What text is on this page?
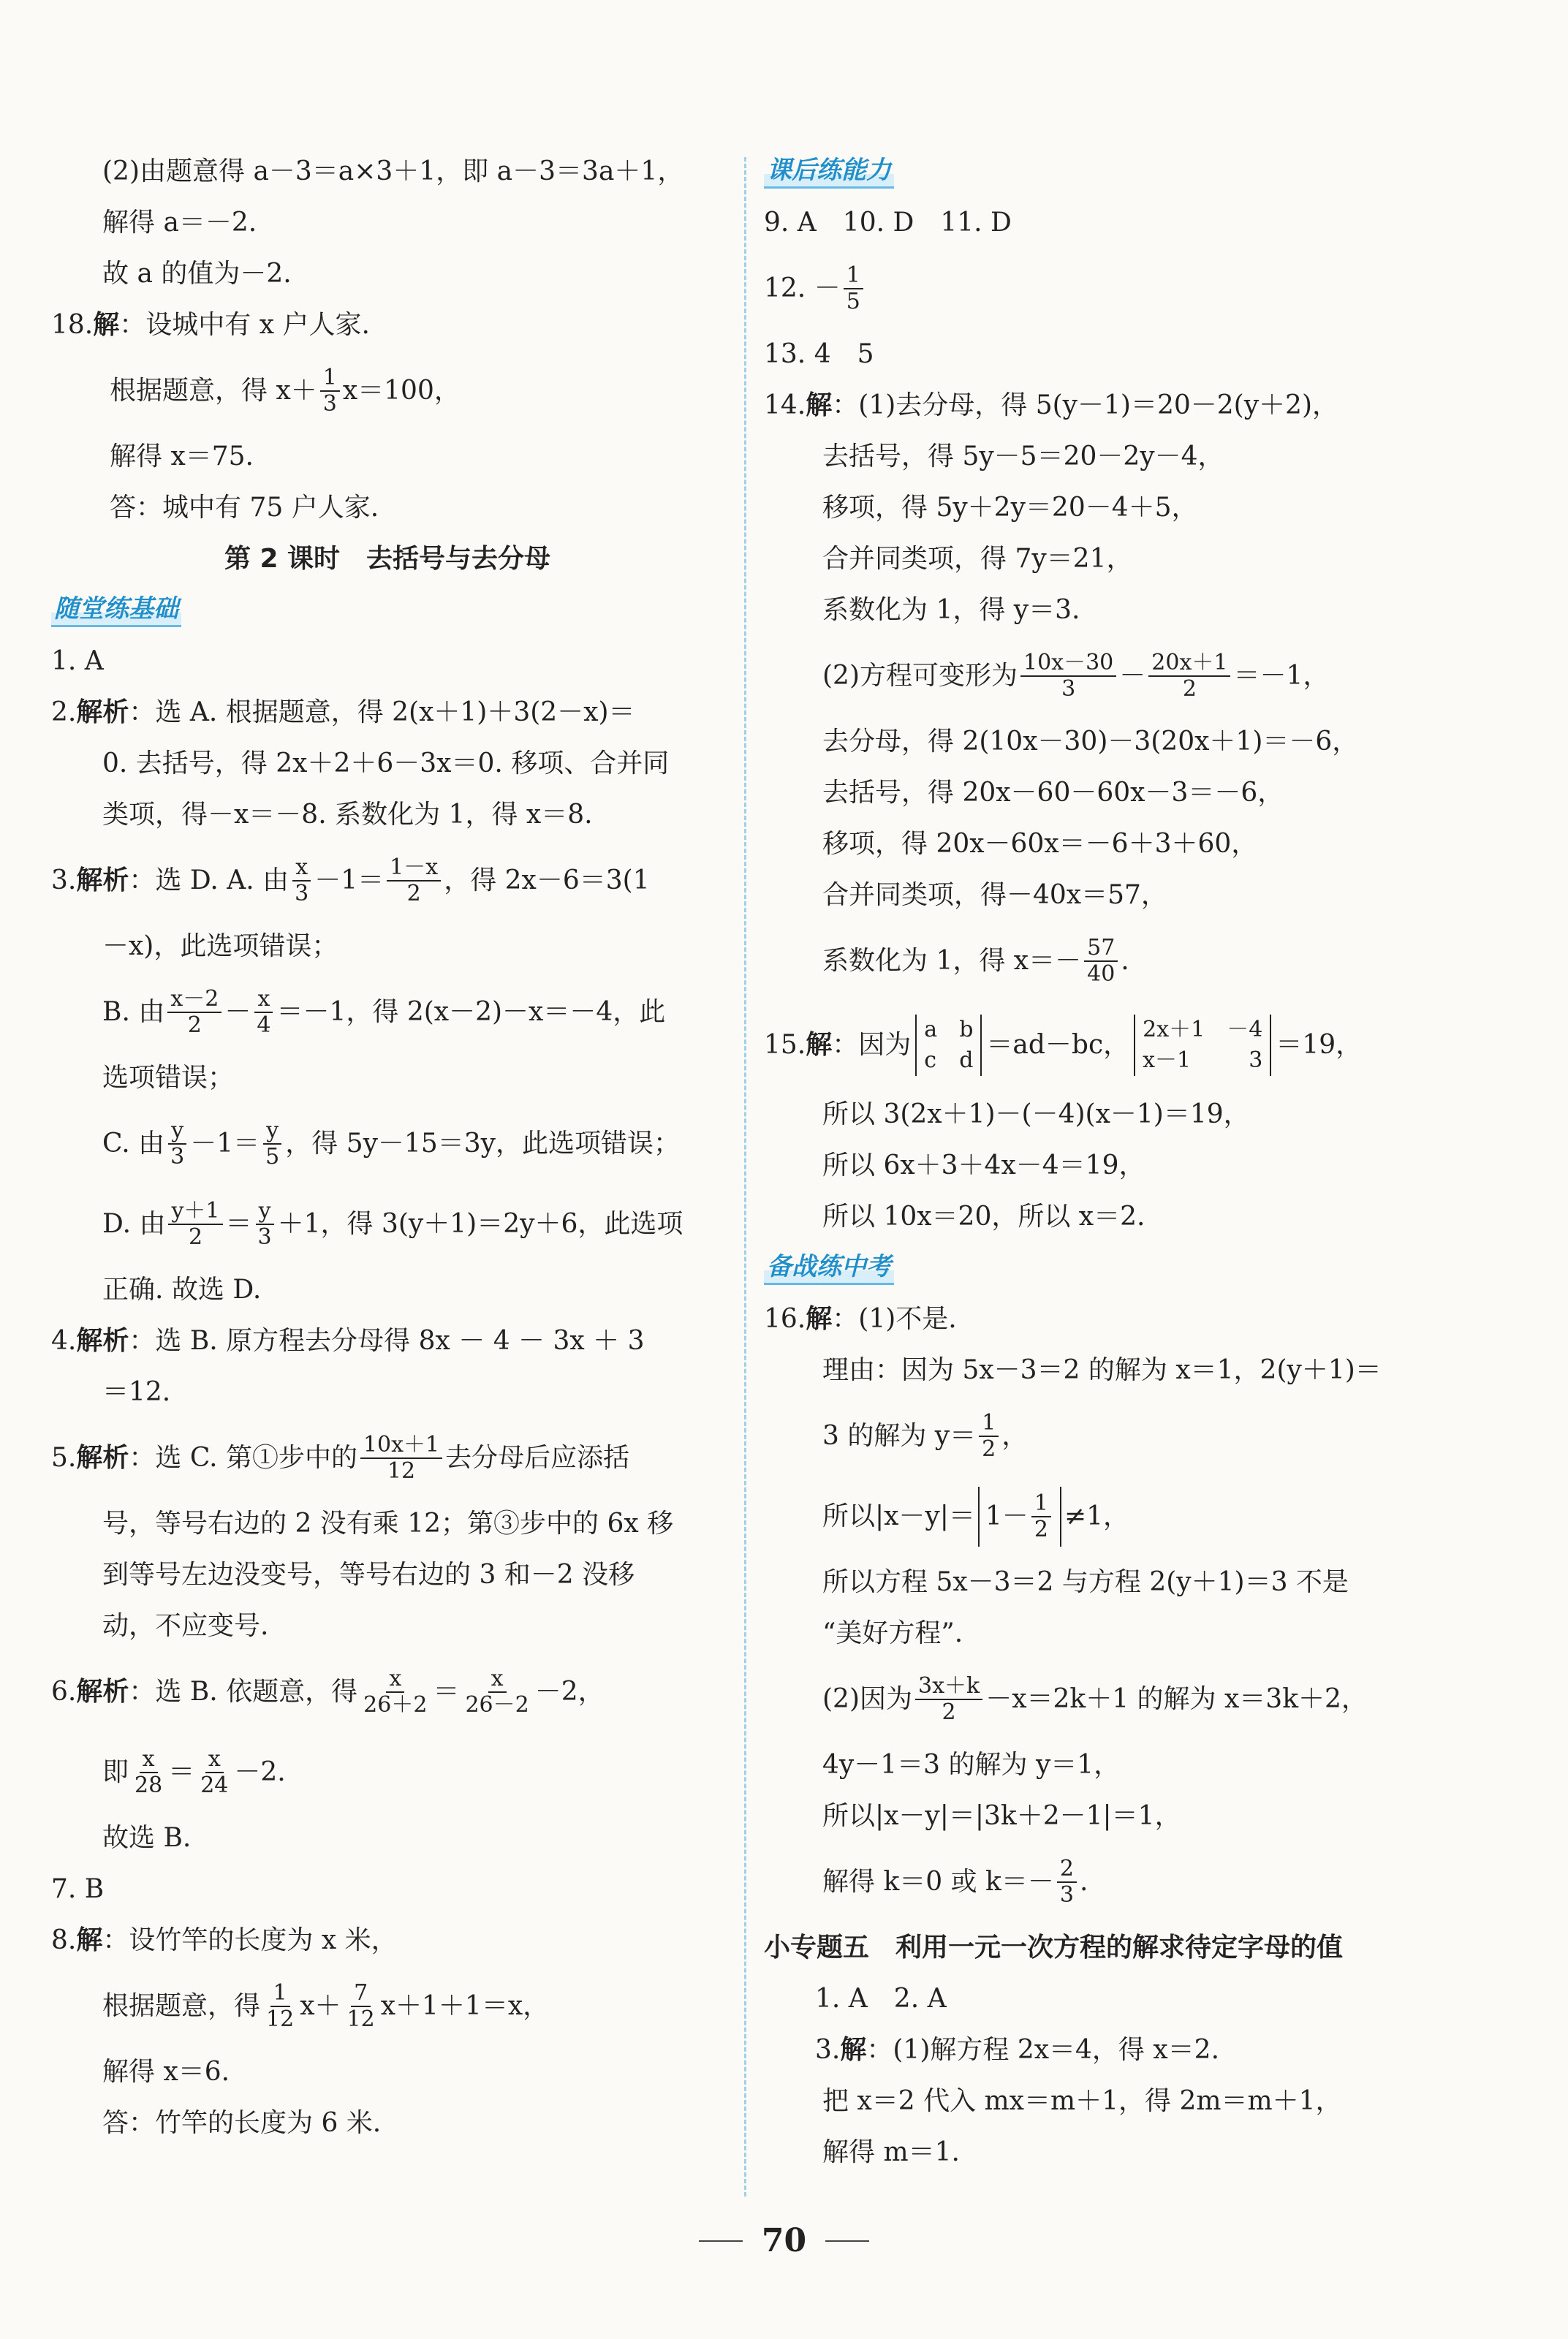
(2)由题意得 a－3＝a×3＋1，即 a－3＝3a＋1，
解得 a＝－2.
故 a 的值为－2.
18. 解 ：设城中有 x 户人家.
根据题意，得 $x+ \frac{1}{3} x=100$，
解得 x＝75.
答：城中有 75 户人家.
第 2 课时　去括号与去分母
随堂练基础
1. A
2. 解析 ：选 A. 根据题意，得 2(x＋1)＋3(2－x)＝
0. 去括号，得 2x＋2＋6－3x＝0. 移项、合并同
类项，得－x＝－8. 系数化为 1，得 x＝8.
3. 解析 ：选 D. A. 由 $\frac{x}{3} -1= \frac{1-x}{2}$ ，得 2x－6＝3(1
－x)，此选项错误；
B. 由 $\frac{x-2}{2} - \frac{x}{4} =-1$，得 2(x－2)－x＝－4，此
选项错误；
C. 由 $\frac{y}{3} -1= \frac{y}{5}$ ，得 5y－15＝3y，此选项错误；
D. 由 $\frac{y+1}{2} = \frac{y}{3} +1$，得 3(y＋1)＝2y＋6，此选项
正确. 故选 D.
4. 解析 ：选 B. 原方程去分母得 8x － 4 － 3x ＋ 3
＝12.
5. 解析 ：选 C. 第①步中的 $\frac{10x+1}{12}$ 去分母后应添括
号，等号右边的 2 没有乘 12；第③步中的 6x 移
到等号左边没变号，等号右边的 3 和－2 没移
动，不应变号.
6. 解析 ：选 B. 依题意，得 $\frac{x}{26+2} = \frac{x}{26-2} -2$，
即 $\frac{x}{28} = \frac{x}{24} -2$.
故选 B.
7. B
8. 解 ：设竹竿的长度为 x 米，
根据题意，得 $\frac{1}{12} x+ \frac{7}{12} x+1+1=x$，
解得 x＝6.
答：竹竿的长度为 6 米.
课后练能力
9. A　10. D　11. D
12. － $\frac{1}{5}$
13. 4　5
14. 解 ：(1)去分母，得 5(y－1)＝20－2(y＋2)，
去括号，得 5y－5＝20－2y－4，
移项，得 5y＋2y＝20－4＋5，
合并同类项，得 7y＝21，
系数化为 1，得 y＝3.
(2)方程可变形为 $\frac{10x-30}{3} - \frac{20x+1}{2} =-1$，
去分母，得 2(10x－30)－3(20x＋1)＝－6，
去括号，得 20x－60－60x－3＝－6，
移项，得 20x－60x＝－6＋3＋60，
合并同类项，得－40x＝57，
系数化为 1，得 $x=- \frac{57}{40}$ .
15. 解 ：因为
a b
c d
＝ad－bc，
2x＋1 －4
x－1	3
＝19，
所以 3(2x＋1)－(－4)(x－1)＝19，
所以 6x＋3＋4x－4＝19，
所以 10x＝20，所以 x＝2.
备战练中考
16. 解 ：(1)不是.
理由：因为 5x－3＝2 的解为 x＝1，2(y＋1)＝
3 的解为 $y= \frac{1}{2}$ ，
所以$|x-y|= 1- \frac{1}{2} \ne 1$，
所以方程 5x－3＝2 与方程 2(y＋1)＝3 不是
“美好方程”.
(2)因为 $\frac{3x+k}{2} -x=2k+1$ 的解为 x＝3k＋2，
4y－1＝3 的解为 y＝1，
所以|x－y|＝|3k＋2－1|＝1，
解得 k＝0 或 $k=- \frac{2}{3}$ .
小专题五　利用一元一次方程的解求待定字母的值
1. A　2. A
3. 解 ：(1)解方程 2x＝4，得 x＝2.
把 x＝2 代入 mx＝m＋1，得 2m＝m＋1，
解得 m＝1.
70
